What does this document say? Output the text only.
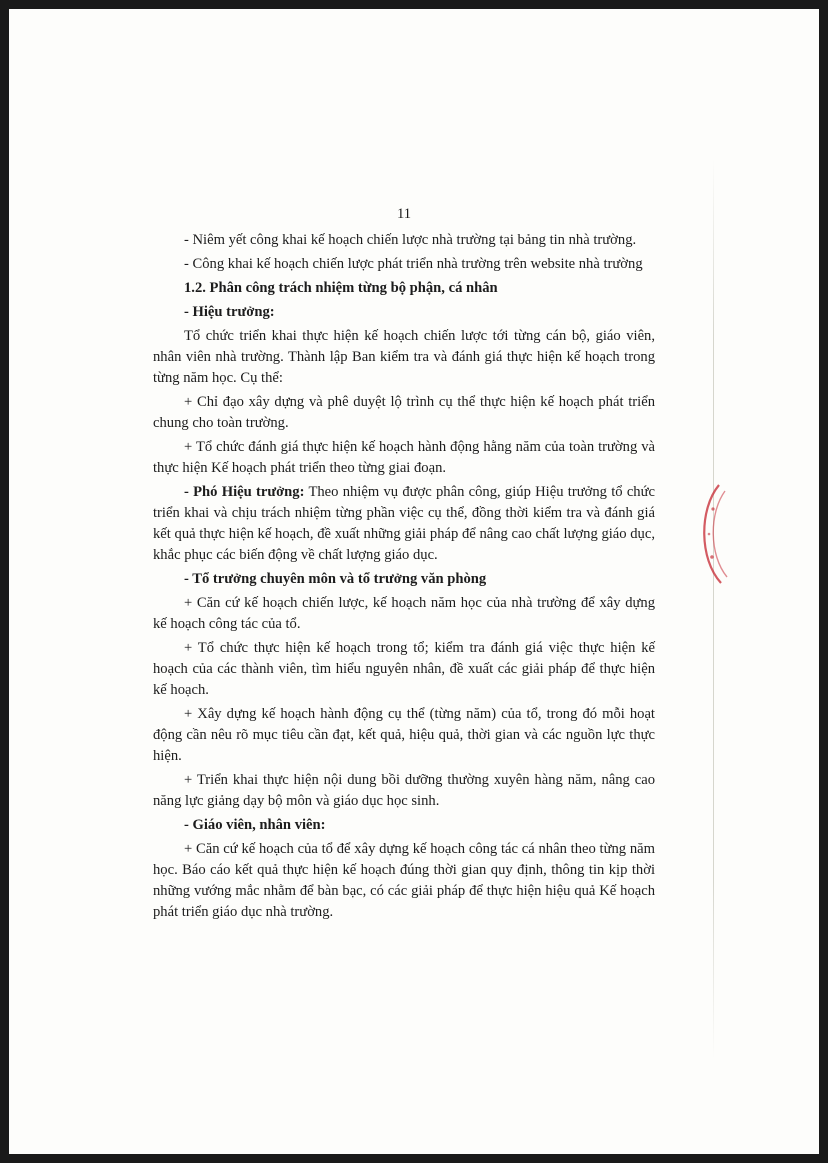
11

- Niêm yết công khai kế hoạch chiến lược nhà trường tại bảng tin nhà trường.

- Công khai kế hoạch chiến lược phát triển nhà trường trên website nhà trường

1.2. Phân công trách nhiệm từng bộ phận, cá nhân

- Hiệu trưởng:

Tổ chức triển khai thực hiện kế hoạch chiến lược tới từng cán bộ, giáo viên, nhân viên nhà trường. Thành lập Ban kiểm tra và đánh giá thực hiện kế hoạch trong từng năm học. Cụ thể:

+ Chỉ đạo xây dựng và phê duyệt lộ trình cụ thể thực hiện kế hoạch phát triển chung cho toàn trường.

+ Tổ chức đánh giá thực hiện kế hoạch hành động hằng năm của toàn trường và thực hiện Kế hoạch phát triển theo từng giai đoạn.

- Phó Hiệu trưởng: Theo nhiệm vụ được phân công, giúp Hiệu trưởng tổ chức triển khai và chịu trách nhiệm từng phần việc cụ thể, đồng thời kiểm tra và đánh giá kết quả thực hiện kế hoạch, đề xuất những giải pháp để nâng cao chất lượng giáo dục, khắc phục các biến động về chất lượng giáo dục.

- Tổ trưởng chuyên môn và tổ trưởng văn phòng

+ Căn cứ kế hoạch chiến lược, kế hoạch năm học của nhà trường để xây dựng kế hoạch công tác của tổ.

+ Tổ chức thực hiện kế hoạch trong tổ; kiểm tra đánh giá việc thực hiện kế hoạch của các thành viên, tìm hiểu nguyên nhân, đề xuất các giải pháp để thực hiện kế hoạch.

+ Xây dựng kế hoạch hành động cụ thể (từng năm) của tổ, trong đó mỗi hoạt động cần nêu rõ mục tiêu cần đạt, kết quả, hiệu quả, thời gian và các nguồn lực thực hiện.

+ Triển khai thực hiện nội dung bồi dưỡng thường xuyên hàng năm, nâng cao năng lực giảng dạy bộ môn và giáo dục học sinh.

- Giáo viên, nhân viên:

+ Căn cứ kế hoạch của tổ để xây dựng kế hoạch công tác cá nhân theo từng năm học. Báo cáo kết quả thực hiện kế hoạch đúng thời gian quy định, thông tin kịp thời những vướng mắc nhằm để bàn bạc, có các giải pháp để thực hiện hiệu quả Kế hoạch phát triển giáo dục nhà trường.
